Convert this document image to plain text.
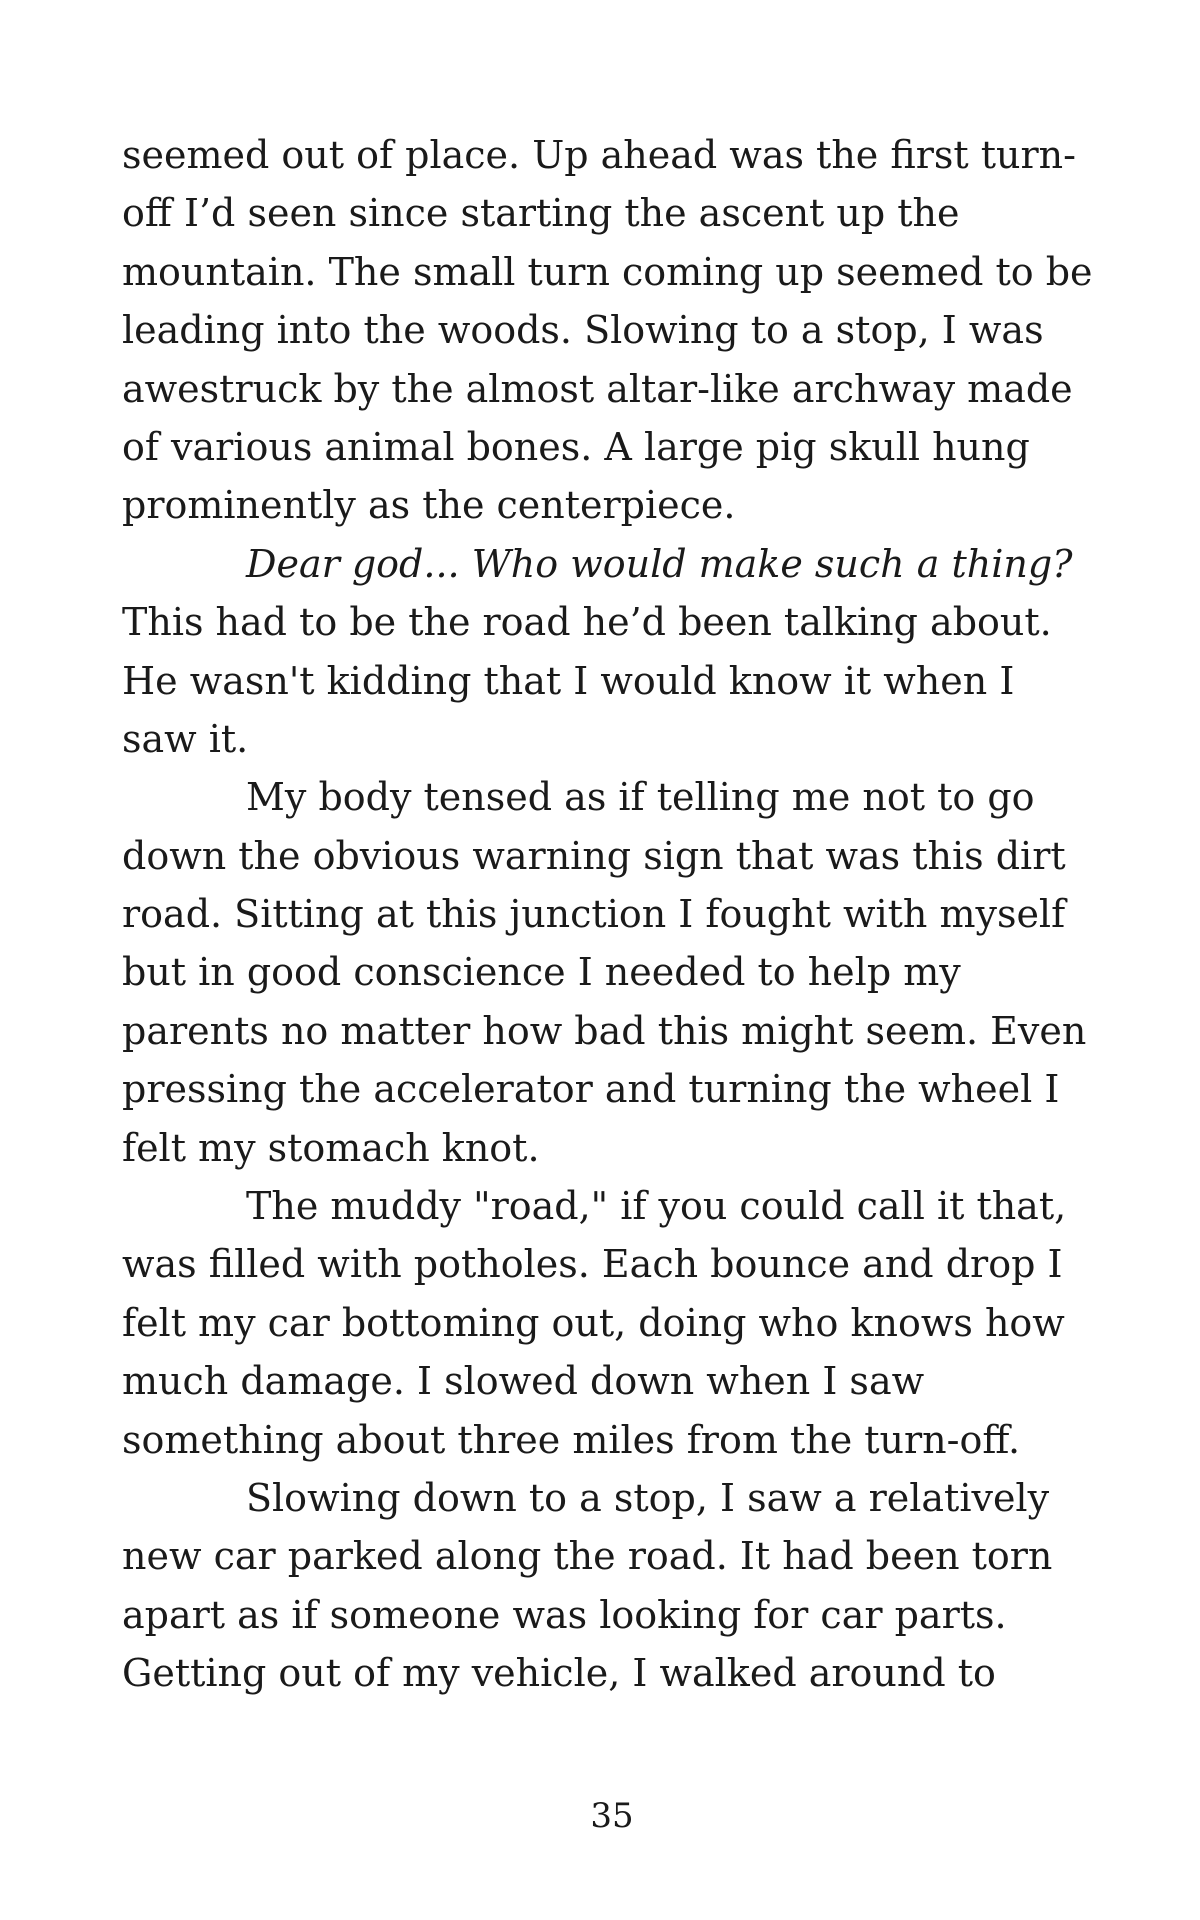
seemed out of place. Up ahead was the first turn-
off I’d seen since starting the ascent up the
mountain. The small turn coming up seemed to be
leading into the woods. Slowing to a stop, I was
awestruck by the almost altar-like archway made
of various animal bones. A large pig skull hung
prominently as the centerpiece.
Dear god... Who would make such a thing?
This had to be the road he’d been talking about.
He wasn't kidding that I would know it when I
saw it.
My body tensed as if telling me not to go
down the obvious warning sign that was this dirt
road. Sitting at this junction I fought with myself
but in good conscience I needed to help my
parents no matter how bad this might seem. Even
pressing the accelerator and turning the wheel I
felt my stomach knot.
The muddy "road," if you could call it that,
was filled with potholes. Each bounce and drop I
felt my car bottoming out, doing who knows how
much damage. I slowed down when I saw
something about three miles from the turn-off.
Slowing down to a stop, I saw a relatively
new car parked along the road. It had been torn
apart as if someone was looking for car parts.
Getting out of my vehicle, I walked around to
35
